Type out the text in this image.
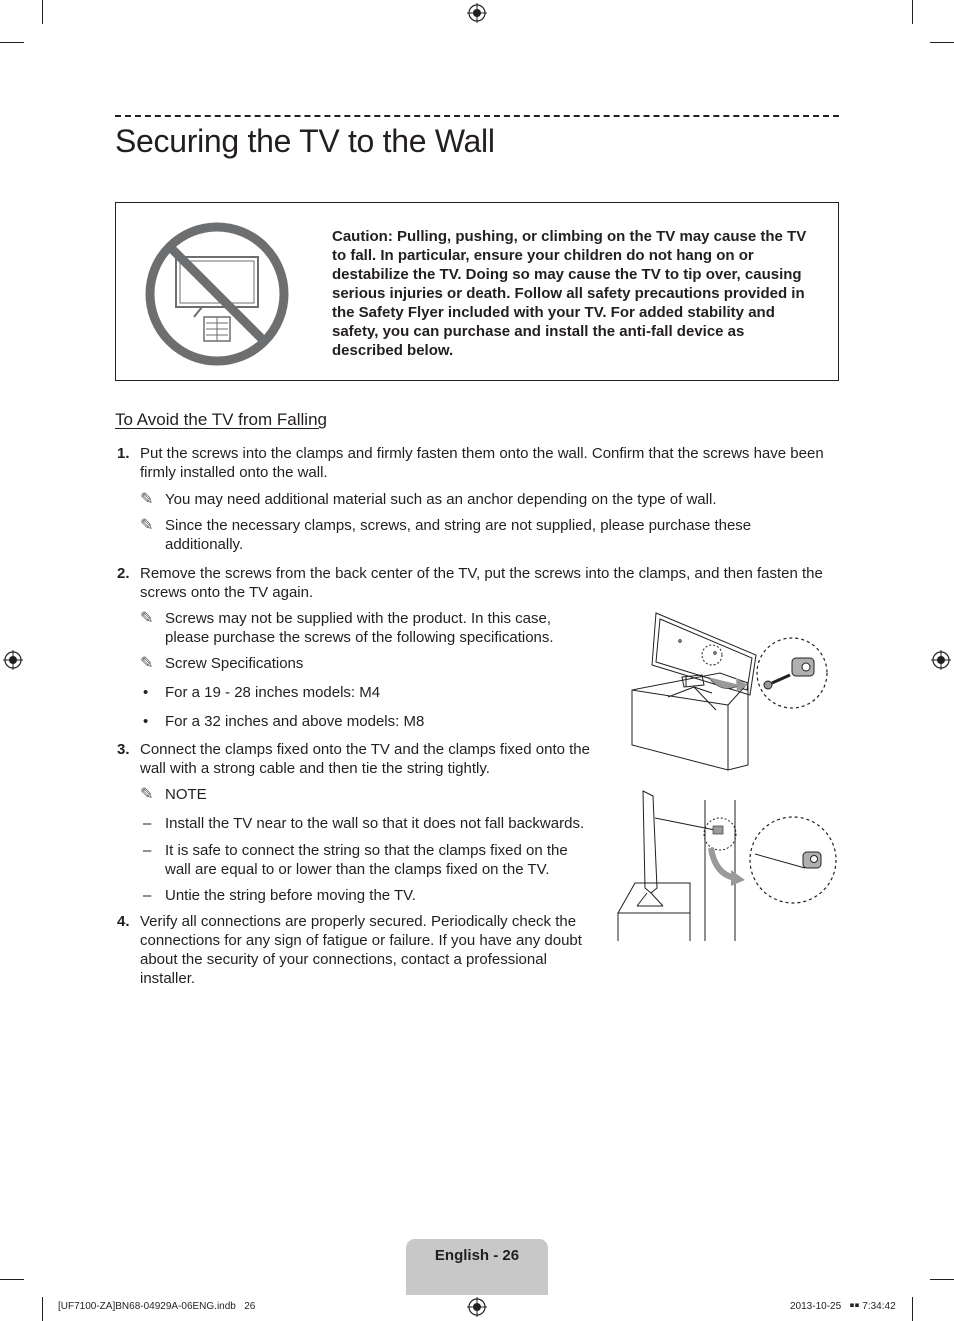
Securing the TV to the Wall

Caution: Pulling, pushing, or climbing on the TV may cause the TV to fall. In particular, ensure your children do not hang on or destabilize the TV. Doing so may cause the TV to tip over, causing serious injuries or death. Follow all safety precautions provided in the Safety Flyer included with your TV. For added stability and safety, you can purchase and install the anti-fall device as described below.

To Avoid the TV from Falling
1. Put the screws into the clamps and firmly fasten them onto the wall. Confirm that the screws have been firmly installed onto the wall.

✎ You may need additional material such as an anchor depending on the type of wall.

✎ Since the necessary clamps, screws, and string are not supplied, please purchase these additionally.

2. Remove the screws from the back center of the TV, put the screws into the clamps, and then fasten the screws onto the TV again.

✎ Screws may not be supplied with the product. In this case, please purchase the screws of the following specifications.

✎ Screw Specifications

• For a 19 - 28 inches models: M4

• For a 32 inches and above models: M8

3. Connect the clamps fixed onto the TV and the clamps fixed onto the wall with a strong cable and then tie the string tightly.

✎ NOTE

– Install the TV near to the wall so that it does not fall backwards.

– It is safe to connect the string so that the clamps fixed on the wall are equal to or lower than the clamps fixed on the TV.

– Untie the string before moving the TV.

4. Verify all connections are properly secured. Periodically check the connections for any sign of fatigue or failure. If you have any doubt about the security of your connections, contact a professional installer.

English - 26
[UF7100-ZA]BN68-04929A-06ENG.indb   26	2013-10-25   ￭￭ 7:34:42
